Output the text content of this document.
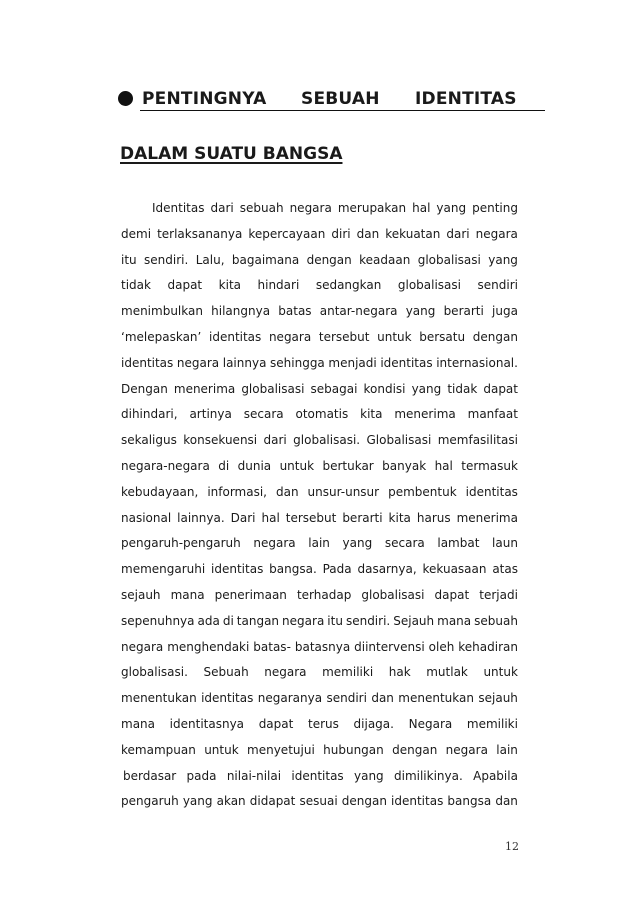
PENTINGNYA SEBUAH IDENTITAS
DALAM SUATU BANGSA
Identitas dari sebuah negara merupakan hal yang penting
demi terlaksananya kepercayaan diri dan kekuatan dari negara
itu sendiri. Lalu, bagaimana dengan keadaan globalisasi yang
tidak dapat kita hindari sedangkan globalisasi sendiri
menimbulkan hilangnya batas antar-negara yang berarti juga
‘melepaskan’ identitas negara tersebut untuk bersatu dengan
identitas negara lainnya sehingga menjadi identitas internasional.
Dengan menerima globalisasi sebagai kondisi yang tidak dapat
dihindari, artinya secara otomatis kita menerima manfaat
sekaligus konsekuensi dari globalisasi. Globalisasi memfasilitasi
negara-negara di dunia untuk bertukar banyak hal termasuk
kebudayaan, informasi, dan unsur-unsur pembentuk identitas
nasional lainnya. Dari hal tersebut berarti kita harus menerima
pengaruh-pengaruh negara lain yang secara lambat laun
memengaruhi identitas bangsa. Pada dasarnya, kekuasaan atas
sejauh mana penerimaan terhadap globalisasi dapat terjadi
sepenuhnya ada di tangan negara itu sendiri. Sejauh mana sebuah
negara menghendaki batas- batasnya diintervensi oleh kehadiran
globalisasi. Sebuah negara memiliki hak mutlak untuk
menentukan identitas negaranya sendiri dan menentukan sejauh
mana identitasnya dapat terus dijaga. Negara memiliki
kemampuan untuk menyetujui hubungan dengan negara lain
berdasar pada nilai-nilai identitas yang dimilikinya. Apabila
pengaruh yang akan didapat sesuai dengan identitas bangsa dan
12
